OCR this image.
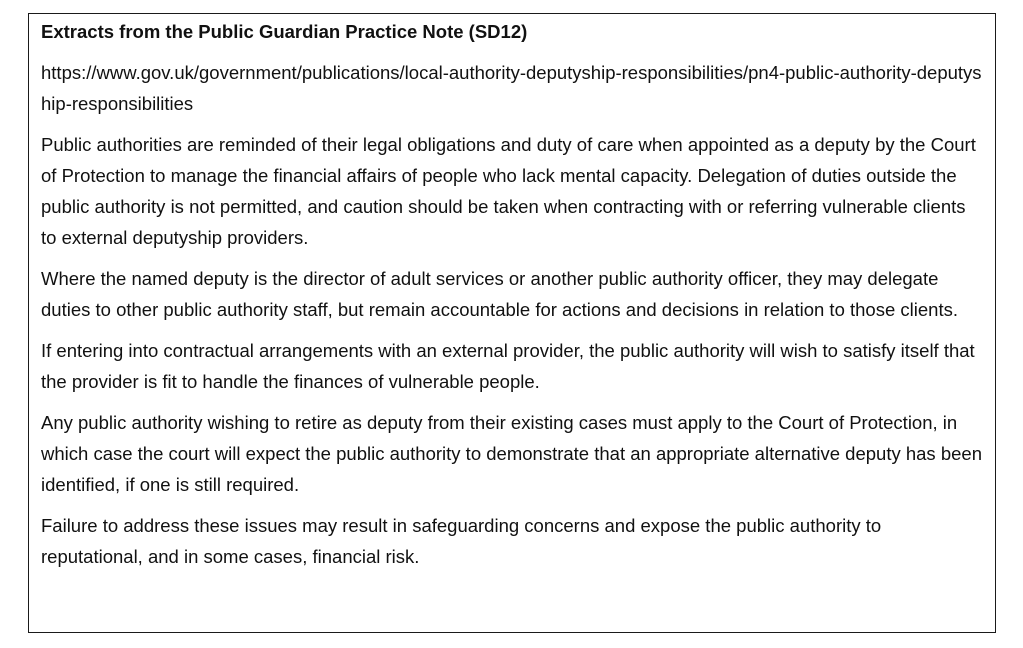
Extracts from the Public Guardian Practice Note (SD12)
https://www.gov.uk/government/publications/local-authority-deputyship-responsibilities/pn4-public-authority-deputyship-responsibilities
Public authorities are reminded of their legal obligations and duty of care when appointed as a deputy by the Court of Protection to manage the financial affairs of people who lack mental capacity. Delegation of duties outside the public authority is not permitted, and caution should be taken when contracting with or referring vulnerable clients to external deputyship providers.
Where the named deputy is the director of adult services or another public authority officer, they may delegate duties to other public authority staff, but remain accountable for actions and decisions in relation to those clients.
If entering into contractual arrangements with an external provider, the public authority will wish to satisfy itself that the provider is fit to handle the finances of vulnerable people.
Any public authority wishing to retire as deputy from their existing cases must apply to the Court of Protection, in which case the court will expect the public authority to demonstrate that an appropriate alternative deputy has been identified, if one is still required.
Failure to address these issues may result in safeguarding concerns and expose the public authority to reputational, and in some cases, financial risk.
